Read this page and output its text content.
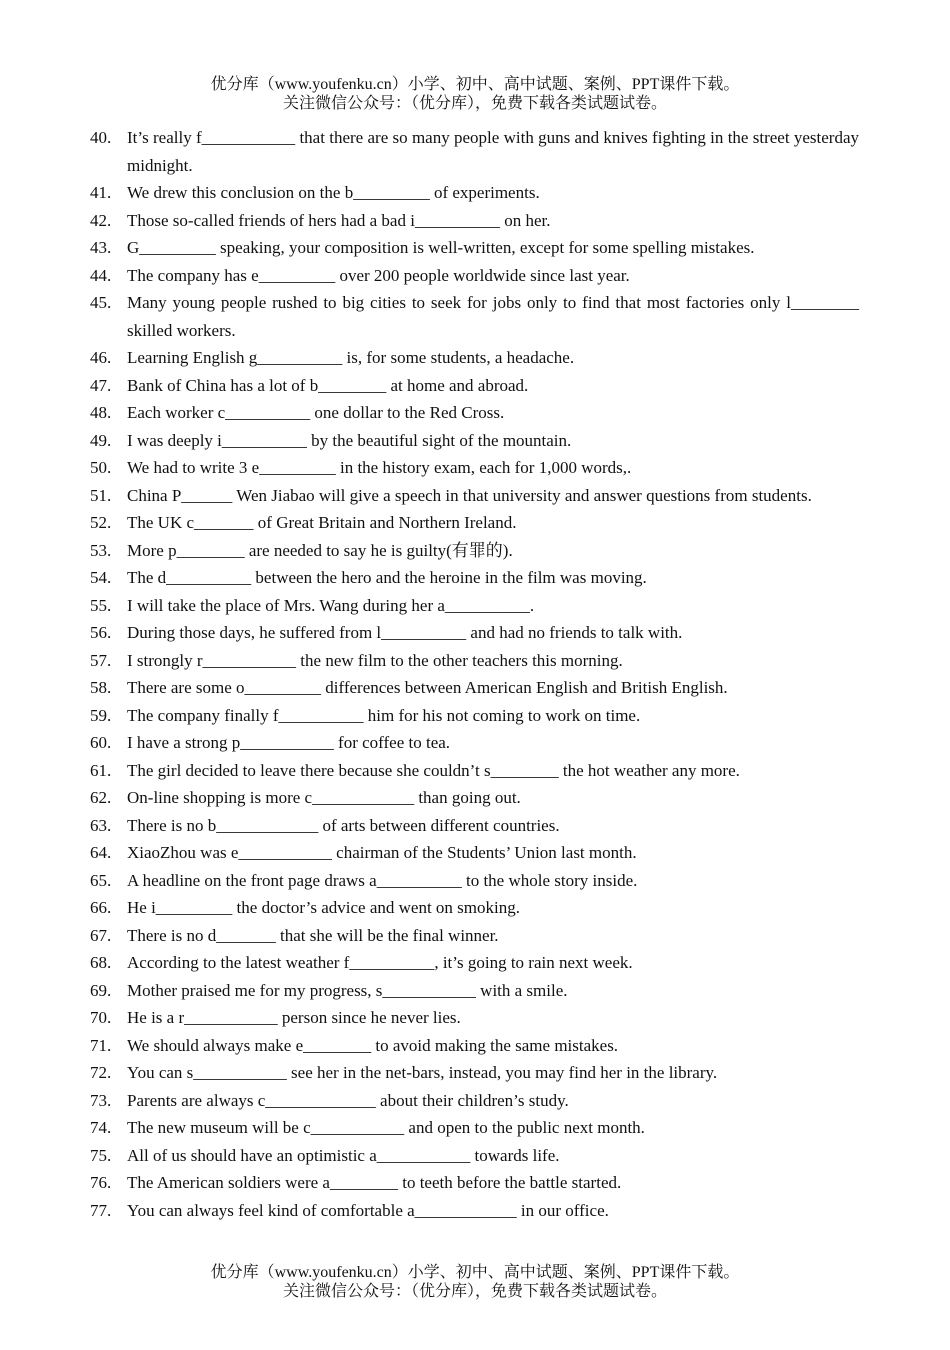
优分库（www.youfenku.cn）小学、初中、高中试题、案例、PPT课件下载。
关注微信公众号：（优分库），免费下载各类试题试卷。
40. It’s really f___________ that there are so many people with guns and knives fighting in the street yesterday midnight.
41. We drew this conclusion on the b_________ of experiments.
42. Those so-called friends of hers had a bad i__________ on her.
43. G_________ speaking, your composition is well-written, except for some spelling mistakes.
44. The company has e_________ over 200 people worldwide since last year.
45. Many young people rushed to big cities to seek for jobs only to find that most factories only l________ skilled workers.
46. Learning English g__________ is, for some students, a headache.
47. Bank of China has a lot of b________ at home and abroad.
48. Each worker c__________ one dollar to the Red Cross.
49. I was deeply i__________ by the beautiful sight of the mountain.
50. We had to write 3 e_________ in the history exam, each for 1,000 words,.
51. China P______ Wen Jiabao will give a speech in that university and answer questions from students.
52. The UK c_______ of Great Britain and Northern Ireland.
53. More p________ are needed to say he is guilty(有罪的).
54. The d__________ between the hero and the heroine in the film was moving.
55. I will take the place of Mrs. Wang during her a__________.
56. During those days, he suffered from l__________ and had no friends to talk with.
57. I strongly r___________ the new film to the other teachers this morning.
58. There are some o_________ differences between American English and British English.
59. The company finally f__________ him for his not coming to work on time.
60. I have a strong p___________ for coffee to tea.
61. The girl decided to leave there because she couldn’t s________ the hot weather any more.
62. On-line shopping is more c____________ than going out.
63. There is no b____________ of arts between different countries.
64. XiaoZhou was e___________ chairman of the Students’ Union last month.
65. A headline on the front page draws a__________ to the whole story inside.
66. He i_________ the doctor’s advice and went on smoking.
67. There is no d_______ that she will be the final winner.
68. According to the latest weather f__________, it’s going to rain next week.
69. Mother praised me for my progress, s___________ with a smile.
70. He is a r___________ person since he never lies.
71. We should always make e________ to avoid making the same mistakes.
72. You can s___________ see her in the net-bars, instead, you may find her in the library.
73. Parents are always c_____________ about their children’s study.
74. The new museum will be c___________ and open to the public next month.
75. All of us should have an optimistic a___________ towards life.
76. The American soldiers were a________ to teeth before the battle started.
77. You can always feel kind of comfortable a____________ in our office.
优分库（www.youfenku.cn）小学、初中、高中试题、案例、PPT课件下载。
关注微信公众号：（优分库），免费下载各类试题试卷。
